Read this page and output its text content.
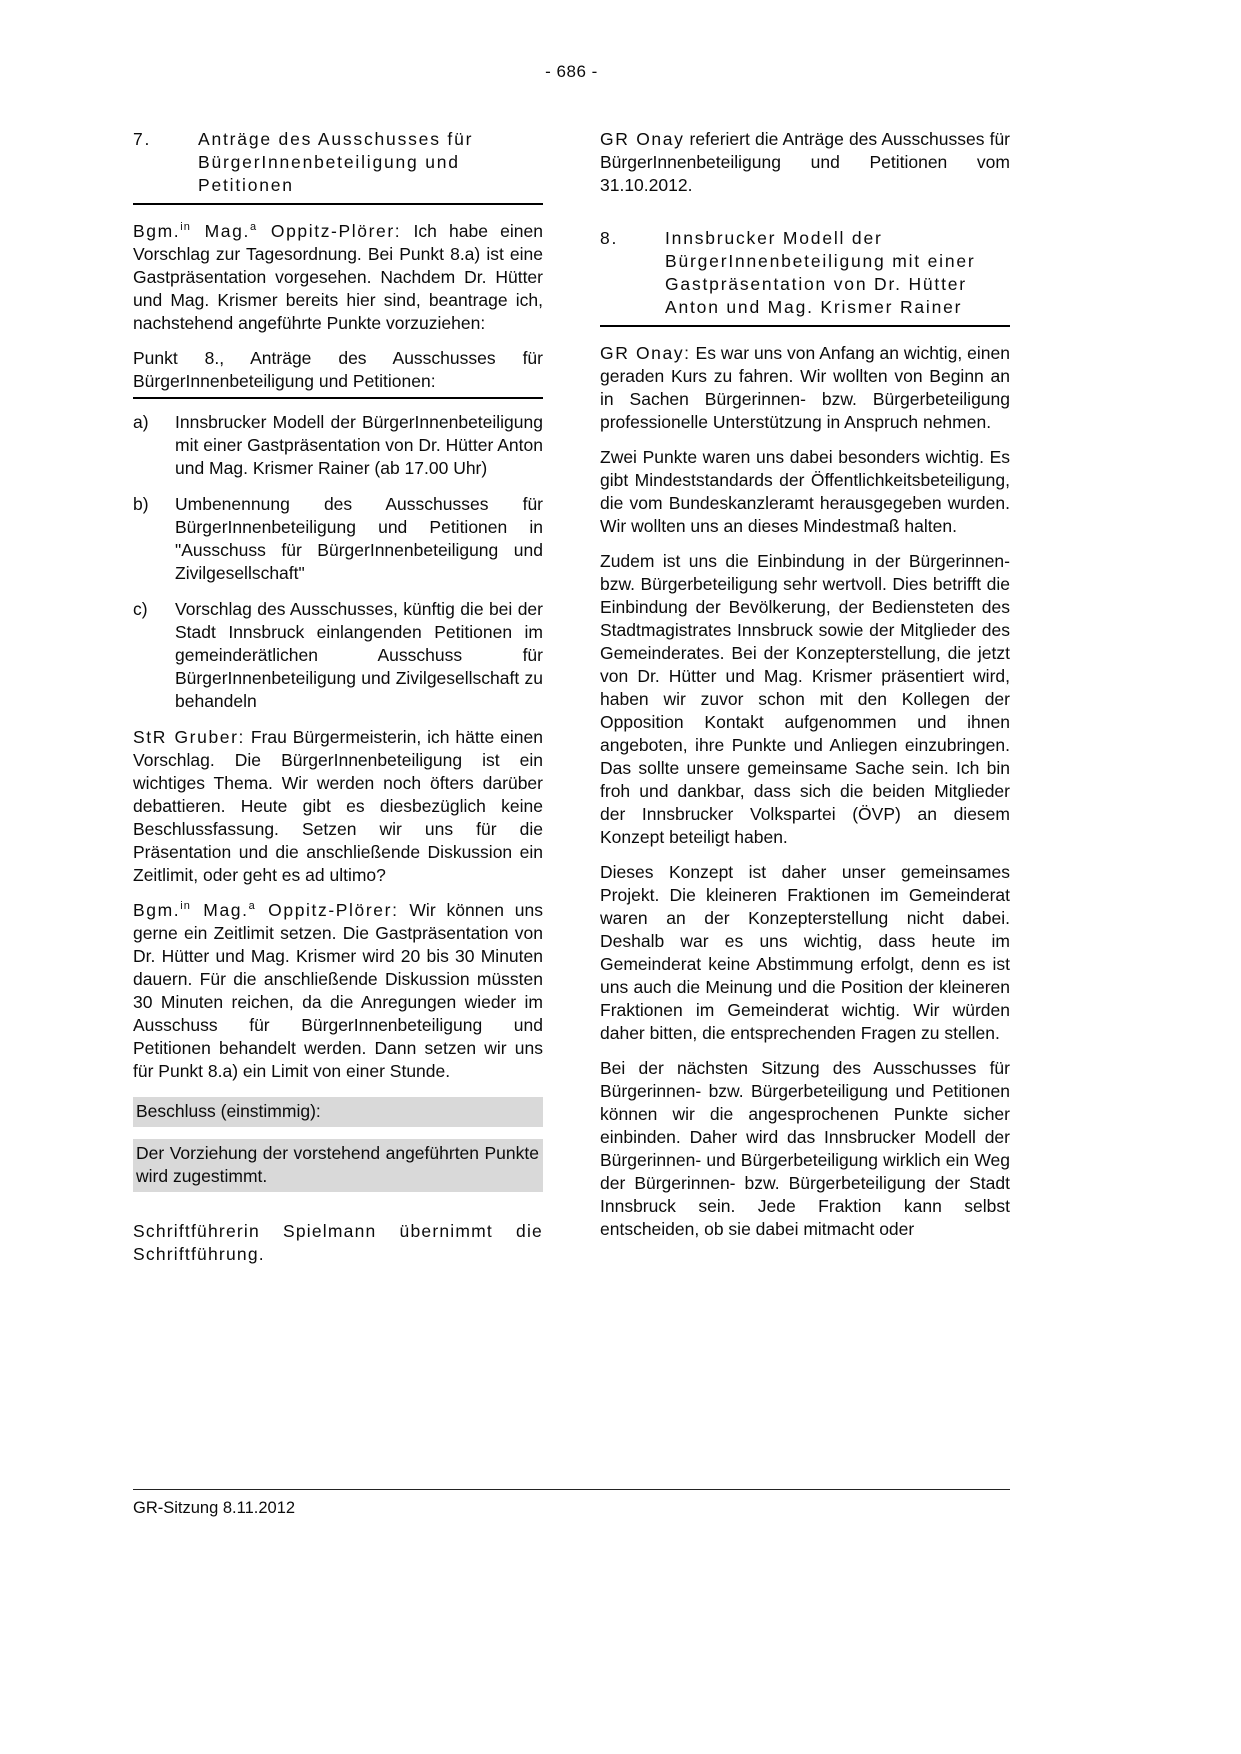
- 686 -
7.	Anträge des Ausschusses für BürgerInnenbeteiligung und Petitionen

Bgm.$^{in}$ Mag.$^a$ Oppitz-Plörer: Ich habe einen Vorschlag zur Tagesordnung. Bei Punkt 8.a) ist eine Gastpräsentation vorgesehen. Nachdem Dr. Hütter und Mag. Krismer bereits hier sind, beantrage ich, nachstehend angeführte Punkte vorzuziehen:

Punkt 8., Anträge des Ausschusses für BürgerInnenbeteiligung und Petitionen:

a)	Innsbrucker Modell der BürgerInnenbeteiligung mit einer Gastpräsentation von Dr. Hütter Anton und Mag. Krismer Rainer (ab 17.00 Uhr)
b)	Umbenennung des Ausschusses für BürgerInnenbeteiligung und Petitionen in "Ausschuss für BürgerInnenbeteiligung und Zivilgesellschaft"
c)	Vorschlag des Ausschusses, künftig die bei der Stadt Innsbruck einlangenden Petitionen im gemeinderätlichen Ausschuss für BürgerInnenbeteiligung und Zivilgesellschaft zu behandeln

StR Gruber: Frau Bürgermeisterin, ich hätte einen Vorschlag. Die BürgerInnenbeteiligung ist ein wichtiges Thema. Wir werden noch öfters darüber debattieren. Heute gibt es diesbezüglich keine Beschlussfassung. Setzen wir uns für die Präsentation und die anschließende Diskussion ein Zeitlimit, oder geht es ad ultimo?

Bgm.$^{in}$ Mag.$^a$ Oppitz-Plörer: Wir können uns gerne ein Zeitlimit setzen. Die Gastpräsentation von Dr. Hütter und Mag. Krismer wird 20 bis 30 Minuten dauern. Für die anschließende Diskussion müssten 30 Minuten reichen, da die Anregungen wieder im Ausschuss für BürgerInnenbeteiligung und Petitionen behandelt werden. Dann setzen wir uns für Punkt 8.a) ein Limit von einer Stunde.

Beschluss (einstimmig):

Der Vorziehung der vorstehend angeführten Punkte wird zugestimmt.

Schriftführerin Spielmann übernimmt die Schriftführung.

GR Onay referiert die Anträge des Ausschusses für BürgerInnenbeteiligung und Petitionen vom 31.10.2012.

8.	Innsbrucker Modell der BürgerInnenbeteiligung mit einer Gastpräsentation von Dr. Hütter Anton und Mag. Krismer Rainer

GR Onay: Es war uns von Anfang an wichtig, einen geraden Kurs zu fahren. Wir wollten von Beginn an in Sachen Bürgerinnen- bzw. Bürgerbeteiligung professionelle Unterstützung in Anspruch nehmen.

Zwei Punkte waren uns dabei besonders wichtig. Es gibt Mindeststandards der Öffentlichkeitsbeteiligung, die vom Bundeskanzleramt herausgegeben wurden. Wir wollten uns an dieses Mindestmaß halten.

Zudem ist uns die Einbindung in der Bürgerinnen- bzw. Bürgerbeteiligung sehr wertvoll. Dies betrifft die Einbindung der Bevölkerung, der Bediensteten des Stadtmagistrates Innsbruck sowie der Mitglieder des Gemeinderates. Bei der Konzepterstellung, die jetzt von Dr. Hütter und Mag. Krismer präsentiert wird, haben wir zuvor schon mit den Kollegen der Opposition Kontakt aufgenommen und ihnen angeboten, ihre Punkte und Anliegen einzubringen. Das sollte unsere gemeinsame Sache sein. Ich bin froh und dankbar, dass sich die beiden Mitglieder der Innsbrucker Volkspartei (ÖVP) an diesem Konzept beteiligt haben.

Dieses Konzept ist daher unser gemeinsames Projekt. Die kleineren Fraktionen im Gemeinderat waren an der Konzepterstellung nicht dabei. Deshalb war es uns wichtig, dass heute im Gemeinderat keine Abstimmung erfolgt, denn es ist uns auch die Meinung und die Position der kleineren Fraktionen im Gemeinderat wichtig. Wir würden daher bitten, die entsprechenden Fragen zu stellen.

Bei der nächsten Sitzung des Ausschusses für Bürgerinnen- bzw. Bürgerbeteiligung und Petitionen können wir die angesprochenen Punkte sicher einbinden. Daher wird das Innsbrucker Modell der Bürgerinnen- und Bürgerbeteiligung wirklich ein Weg der Bürgerinnen- bzw. Bürgerbeteiligung der Stadt Innsbruck sein. Jede Fraktion kann selbst entscheiden, ob sie dabei mitmacht oder

GR-Sitzung 8.11.2012
